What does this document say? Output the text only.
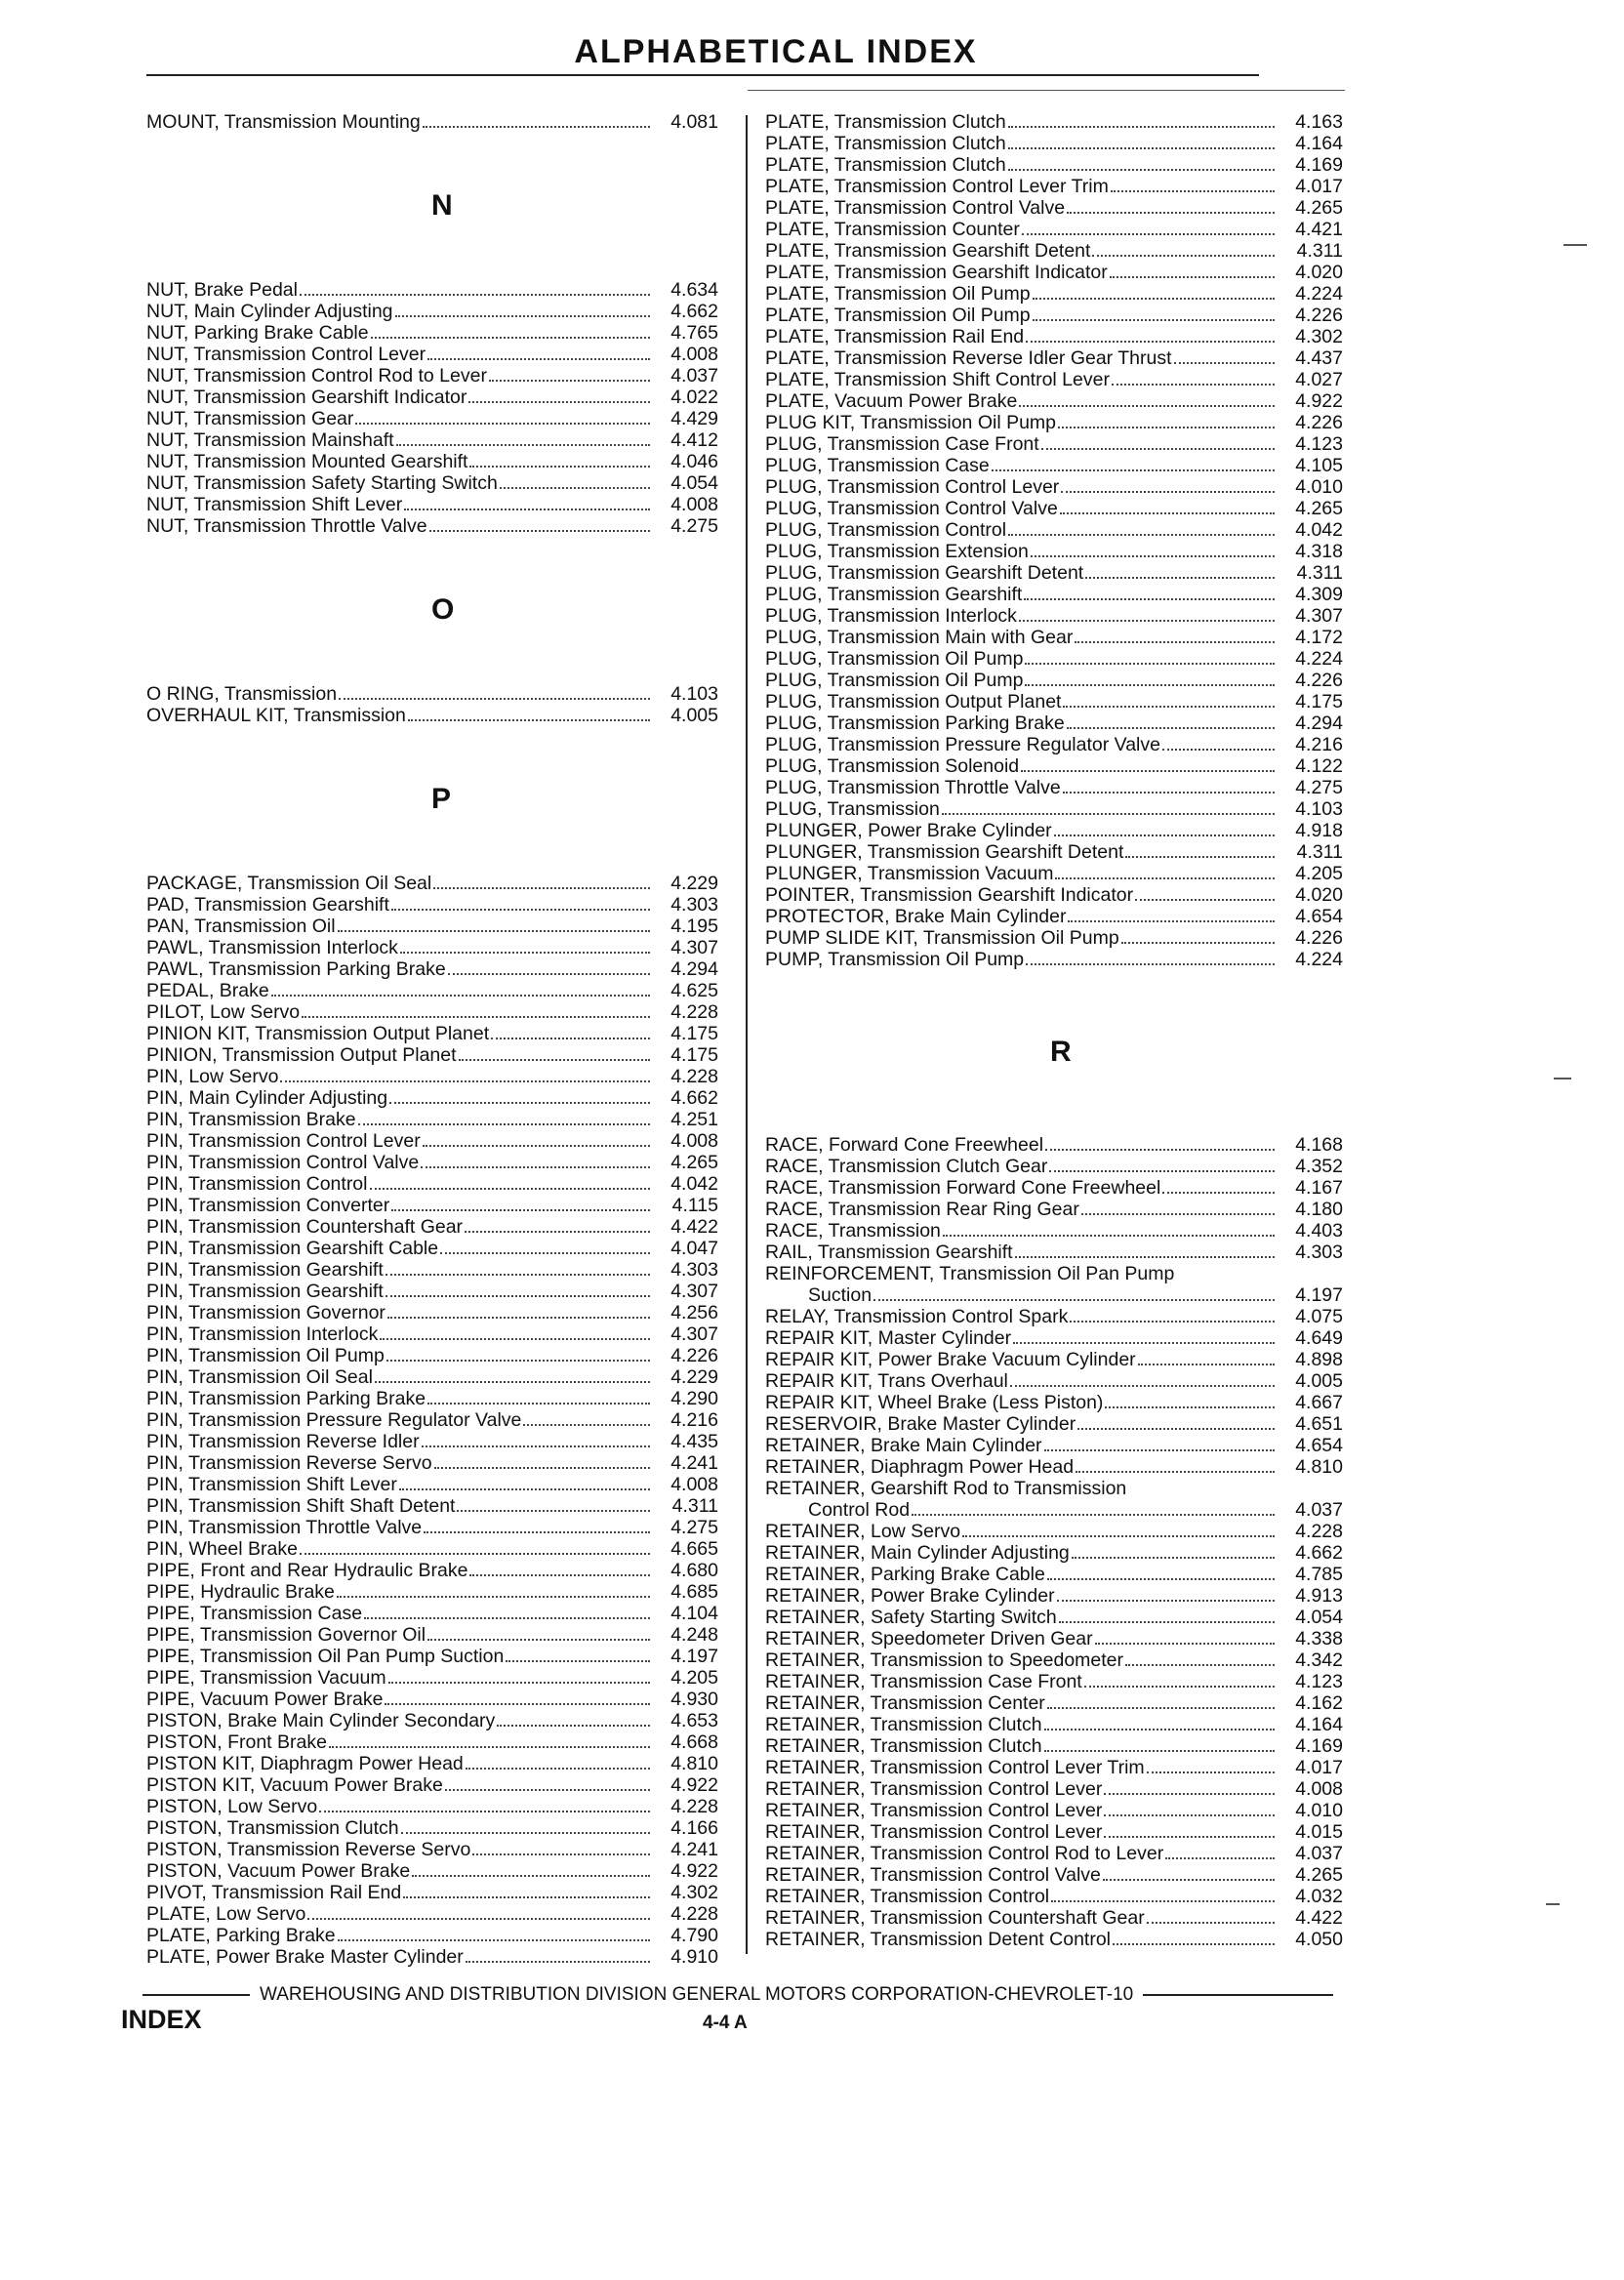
ALPHABETICAL INDEX
MOUNT, Transmission Mounting	4.081
N
NUT, Brake Pedal	4.634
NUT, Main Cylinder Adjusting	4.662
NUT, Parking Brake Cable	4.765
NUT, Transmission Control Lever	4.008
NUT, Transmission Control Rod to Lever	4.037
NUT, Transmission Gearshift Indicator	4.022
NUT, Transmission Gear	4.429
NUT, Transmission Mainshaft	4.412
NUT, Transmission Mounted Gearshift	4.046
NUT, Transmission Safety Starting Switch	4.054
NUT, Transmission Shift Lever	4.008
NUT, Transmission Throttle Valve	4.275
O
O RING, Transmission	4.103
OVERHAUL KIT, Transmission	4.005
P
PACKAGE, Transmission Oil Seal	4.229
PAD, Transmission Gearshift	4.303
PAN, Transmission Oil	4.195
PAWL, Transmission Interlock	4.307
PAWL, Transmission Parking Brake	4.294
PEDAL, Brake	4.625
PILOT, Low Servo	4.228
PINION KIT, Transmission Output Planet	4.175
PINION, Transmission Output Planet	4.175
PIN, Low Servo	4.228
PIN, Main Cylinder Adjusting	4.662
PIN, Transmission Brake	4.251
PIN, Transmission Control Lever	4.008
PIN, Transmission Control Valve	4.265
PIN, Transmission Control	4.042
PIN, Transmission Converter	4.115
PIN, Transmission Countershaft Gear	4.422
PIN, Transmission Gearshift Cable	4.047
PIN, Transmission Gearshift	4.303
PIN, Transmission Gearshift	4.307
PIN, Transmission Governor	4.256
PIN, Transmission Interlock	4.307
PIN, Transmission Oil Pump	4.226
PIN, Transmission Oil Seal	4.229
PIN, Transmission Parking Brake	4.290
PIN, Transmission Pressure Regulator Valve	4.216
PIN, Transmission Reverse Idler	4.435
PIN, Transmission Reverse Servo	4.241
PIN, Transmission Shift Lever	4.008
PIN, Transmission Shift Shaft Detent	4.311
PIN, Transmission Throttle Valve	4.275
PIN, Wheel Brake	4.665
PIPE, Front and Rear Hydraulic Brake	4.680
PIPE, Hydraulic Brake	4.685
PIPE, Transmission Case	4.104
PIPE, Transmission Governor Oil	4.248
PIPE, Transmission Oil Pan Pump Suction	4.197
PIPE, Transmission Vacuum	4.205
PIPE, Vacuum Power Brake	4.930
PISTON, Brake Main Cylinder Secondary	4.653
PISTON, Front Brake	4.668
PISTON KIT, Diaphragm Power Head	4.810
PISTON KIT, Vacuum Power Brake	4.922
PISTON, Low Servo	4.228
PISTON, Transmission Clutch	4.166
PISTON, Transmission Reverse Servo	4.241
PISTON, Vacuum Power Brake	4.922
PIVOT, Transmission Rail End	4.302
PLATE, Low Servo	4.228
PLATE, Parking Brake	4.790
PLATE, Power Brake Master Cylinder	4.910
PLATE, Transmission Clutch	4.163
PLATE, Transmission Clutch	4.164
PLATE, Transmission Clutch	4.169
PLATE, Transmission Control Lever Trim	4.017
PLATE, Transmission Control Valve	4.265
PLATE, Transmission Counter	4.421
PLATE, Transmission Gearshift Detent	4.311
PLATE, Transmission Gearshift Indicator	4.020
PLATE, Transmission Oil Pump	4.224
PLATE, Transmission Oil Pump	4.226
PLATE, Transmission Rail End	4.302
PLATE, Transmission Reverse Idler Gear Thrust	4.437
PLATE, Transmission Shift Control Lever	4.027
PLATE, Vacuum Power Brake	4.922
PLUG KIT, Transmission Oil Pump	4.226
PLUG, Transmission Case Front	4.123
PLUG, Transmission Case	4.105
PLUG, Transmission Control Lever	4.010
PLUG, Transmission Control Valve	4.265
PLUG, Transmission Control	4.042
PLUG, Transmission Extension	4.318
PLUG, Transmission Gearshift Detent	4.311
PLUG, Transmission Gearshift	4.309
PLUG, Transmission Interlock	4.307
PLUG, Transmission Main with Gear	4.172
PLUG, Transmission Oil Pump	4.224
PLUG, Transmission Oil Pump	4.226
PLUG, Transmission Output Planet	4.175
PLUG, Transmission Parking Brake	4.294
PLUG, Transmission Pressure Regulator Valve	4.216
PLUG, Transmission Solenoid	4.122
PLUG, Transmission Throttle Valve	4.275
PLUG, Transmission	4.103
PLUNGER, Power Brake Cylinder	4.918
PLUNGER, Transmission Gearshift Detent	4.311
PLUNGER, Transmission Vacuum	4.205
POINTER, Transmission Gearshift Indicator	4.020
PROTECTOR, Brake Main Cylinder	4.654
PUMP SLIDE KIT, Transmission Oil Pump	4.226
PUMP, Transmission Oil Pump	4.224
R
RACE, Forward Cone Freewheel	4.168
RACE, Transmission Clutch Gear	4.352
RACE, Transmission Forward Cone Freewheel	4.167
RACE, Transmission Rear Ring Gear	4.180
RACE, Transmission	4.403
RAIL, Transmission Gearshift	4.303
REINFORCEMENT, Transmission Oil Pan Pump
Suction	4.197
RELAY, Transmission Control Spark	4.075
REPAIR KIT, Master Cylinder	4.649
REPAIR KIT, Power Brake Vacuum Cylinder	4.898
REPAIR KIT, Trans Overhaul	4.005
REPAIR KIT, Wheel Brake (Less Piston)	4.667
RESERVOIR, Brake Master Cylinder	4.651
RETAINER, Brake Main Cylinder	4.654
RETAINER, Diaphragm Power Head	4.810
RETAINER, Gearshift Rod to Transmission
Control Rod	4.037
RETAINER, Low Servo	4.228
RETAINER, Main Cylinder Adjusting	4.662
RETAINER, Parking Brake Cable	4.785
RETAINER, Power Brake Cylinder	4.913
RETAINER, Safety Starting Switch	4.054
RETAINER, Speedometer Driven Gear	4.338
RETAINER, Transmission to Speedometer	4.342
RETAINER, Transmission Case Front	4.123
RETAINER, Transmission Center	4.162
RETAINER, Transmission Clutch	4.164
RETAINER, Transmission Clutch	4.169
RETAINER, Transmission Control Lever Trim	4.017
RETAINER, Transmission Control Lever	4.008
RETAINER, Transmission Control Lever	4.010
RETAINER, Transmission Control Lever	4.015
RETAINER, Transmission Control Rod to Lever	4.037
RETAINER, Transmission Control Valve	4.265
RETAINER, Transmission Control	4.032
RETAINER, Transmission Countershaft Gear	4.422
RETAINER, Transmission Detent Control	4.050
WAREHOUSING AND DISTRIBUTION DIVISION GENERAL MOTORS CORPORATION-CHEVROLET-10
INDEX	4-4 A
